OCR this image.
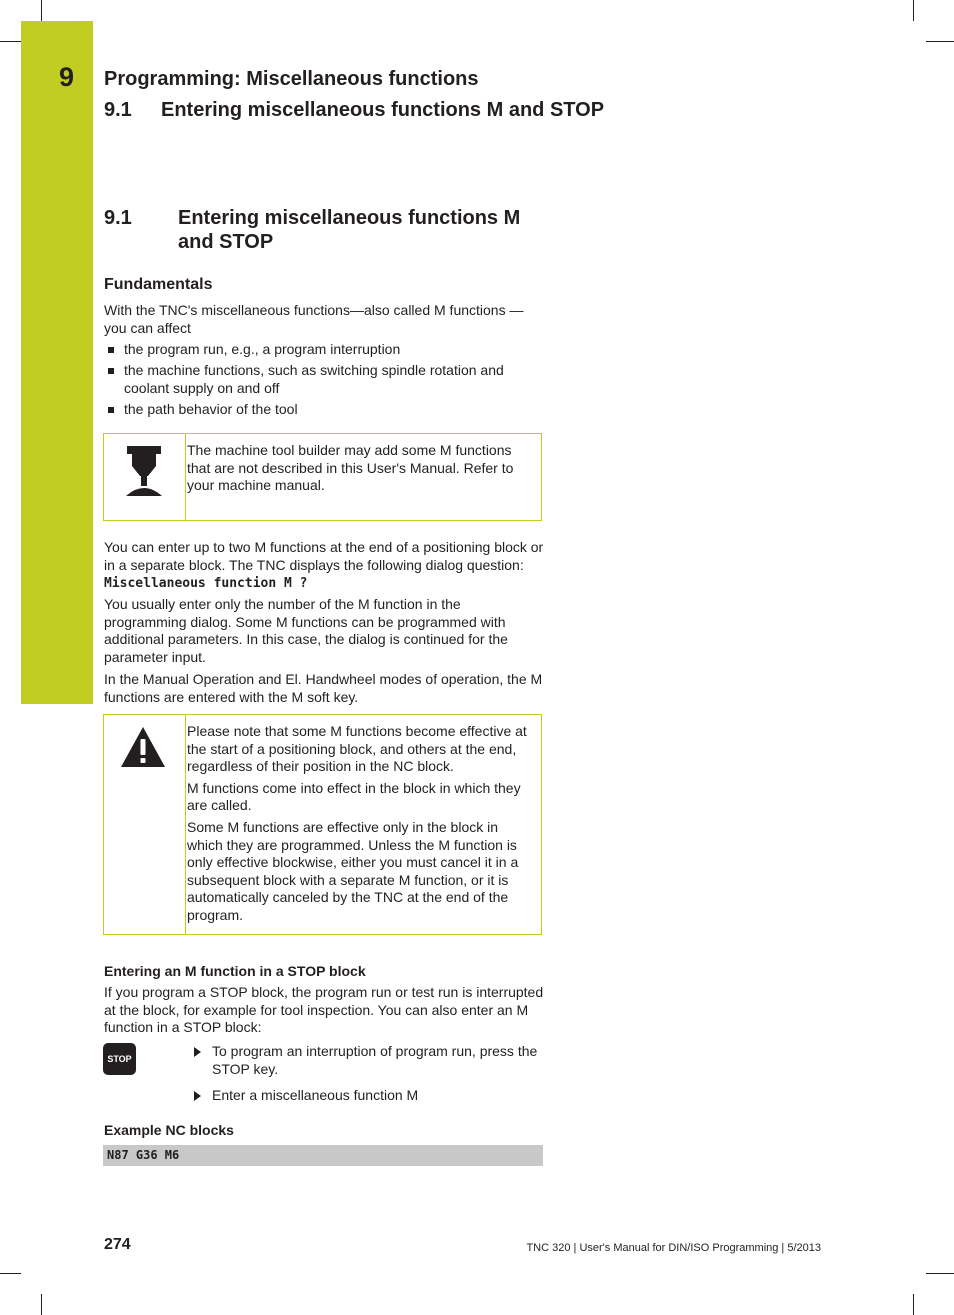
9	Programming: Miscellaneous functions
9.1 Entering miscellaneous functions M and STOP
9.1 Entering miscellaneous functions M
and STOP
Fundamentals
With the TNC's miscellaneous functions—also called M functions —you can affect
the program run, e.g., a program interruption
the machine functions, such as switching spindle rotation and coolant supply on and off
the path behavior of the tool
The machine tool builder may add some M functions that are not described in this User's Manual. Refer to your machine manual.
You can enter up to two M functions at the end of a positioning block or in a separate block. The TNC displays the following dialog question: Miscellaneous function M ?
You usually enter only the number of the M function in the programming dialog. Some M functions can be programmed with additional parameters. In this case, the dialog is continued for the parameter input.
In the Manual Operation and El. Handwheel modes of operation, the M functions are entered with the M soft key.

Please note that some M functions become effective at the start of a positioning block, and others at the end, regardless of their position in the NC block.

M functions come into effect in the block in which they are called.

Some M functions are effective only in the block in which they are programmed. Unless the M function is only effective blockwise, either you must cancel it in a subsequent block with a separate M function, or it is automatically canceled by the TNC at the end of the program.

Entering an M function in a STOP block
If you program a STOP block, the program run or test run is interrupted at the block, for example for tool inspection. You can also enter an M function in a STOP block:
STOP	To program an interruption of program run, press the STOP key.
Enter a miscellaneous function M
Example NC blocks
N87 G36 M6
274	TNC 320 | User's Manual for DIN/ISO Programming | 5/2013
